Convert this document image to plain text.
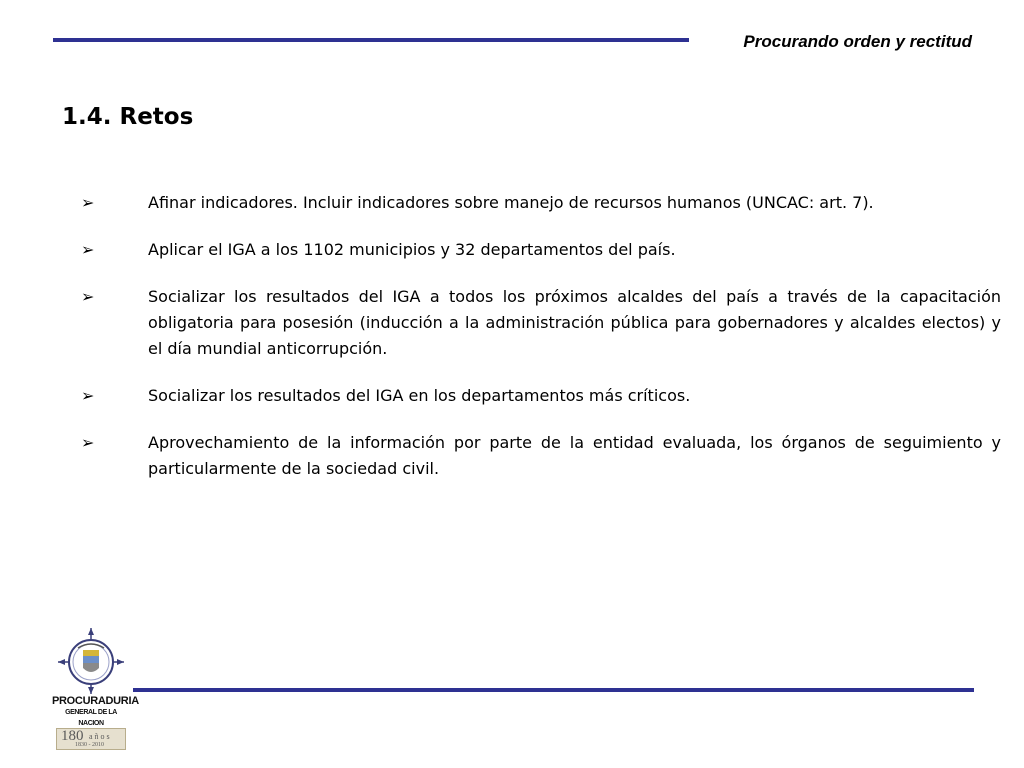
Procurando orden y rectitud
1.4. Retos
➢	Afinar indicadores. Incluir indicadores sobre manejo de recursos humanos (UNCAC: art. 7).
➢	Aplicar el IGA a los 1102 municipios y 32 departamentos del país.
➢	Socializar los resultados del IGA a todos los próximos alcaldes del país a través de la capacitación obligatoria para posesión (inducción a la administración pública para gobernadores y alcaldes electos) y el día mundial anticorrupción.
➢	Socializar los resultados del IGA en los departamentos más críticos.
➢	Aprovechamiento de la información por parte de la entidad evaluada, los órganos de seguimiento y particularmente de la sociedad civil.
PROCURADURIA
GENERAL DE LA NACION
180 años
1830 - 2010
